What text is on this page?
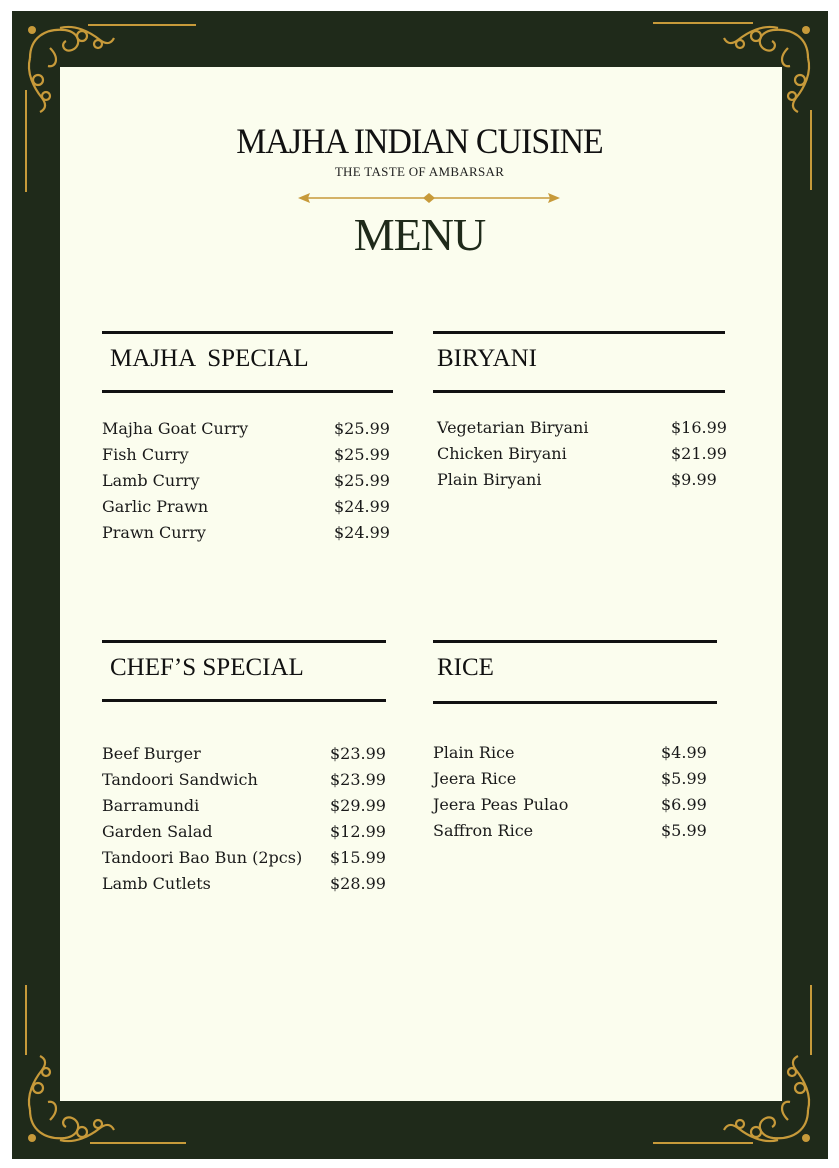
MAJHA INDIAN CUISINE
THE TASTE OF AMBARSAR
MENU
MAJHA  SPECIAL
Majha Goat Curry	$25.99
Fish Curry	$25.99
Lamb Curry	$25.99
Garlic Prawn	$24.99
Prawn Curry	$24.99
BIRYANI
Vegetarian Biryani	$16.99
Chicken Biryani	$21.99
Plain Biryani	$9.99
CHEF’S SPECIAL
Beef Burger	$23.99
Tandoori Sandwich	$23.99
Barramundi	$29.99
Garden Salad	$12.99
Tandoori Bao Bun (2pcs) $15.99
Lamb Cutlets	$28.99
RICE
Plain Rice	$4.99
Jeera Rice	$5.99
Jeera Peas Pulao	$6.99
Saffron Rice	$5.99
